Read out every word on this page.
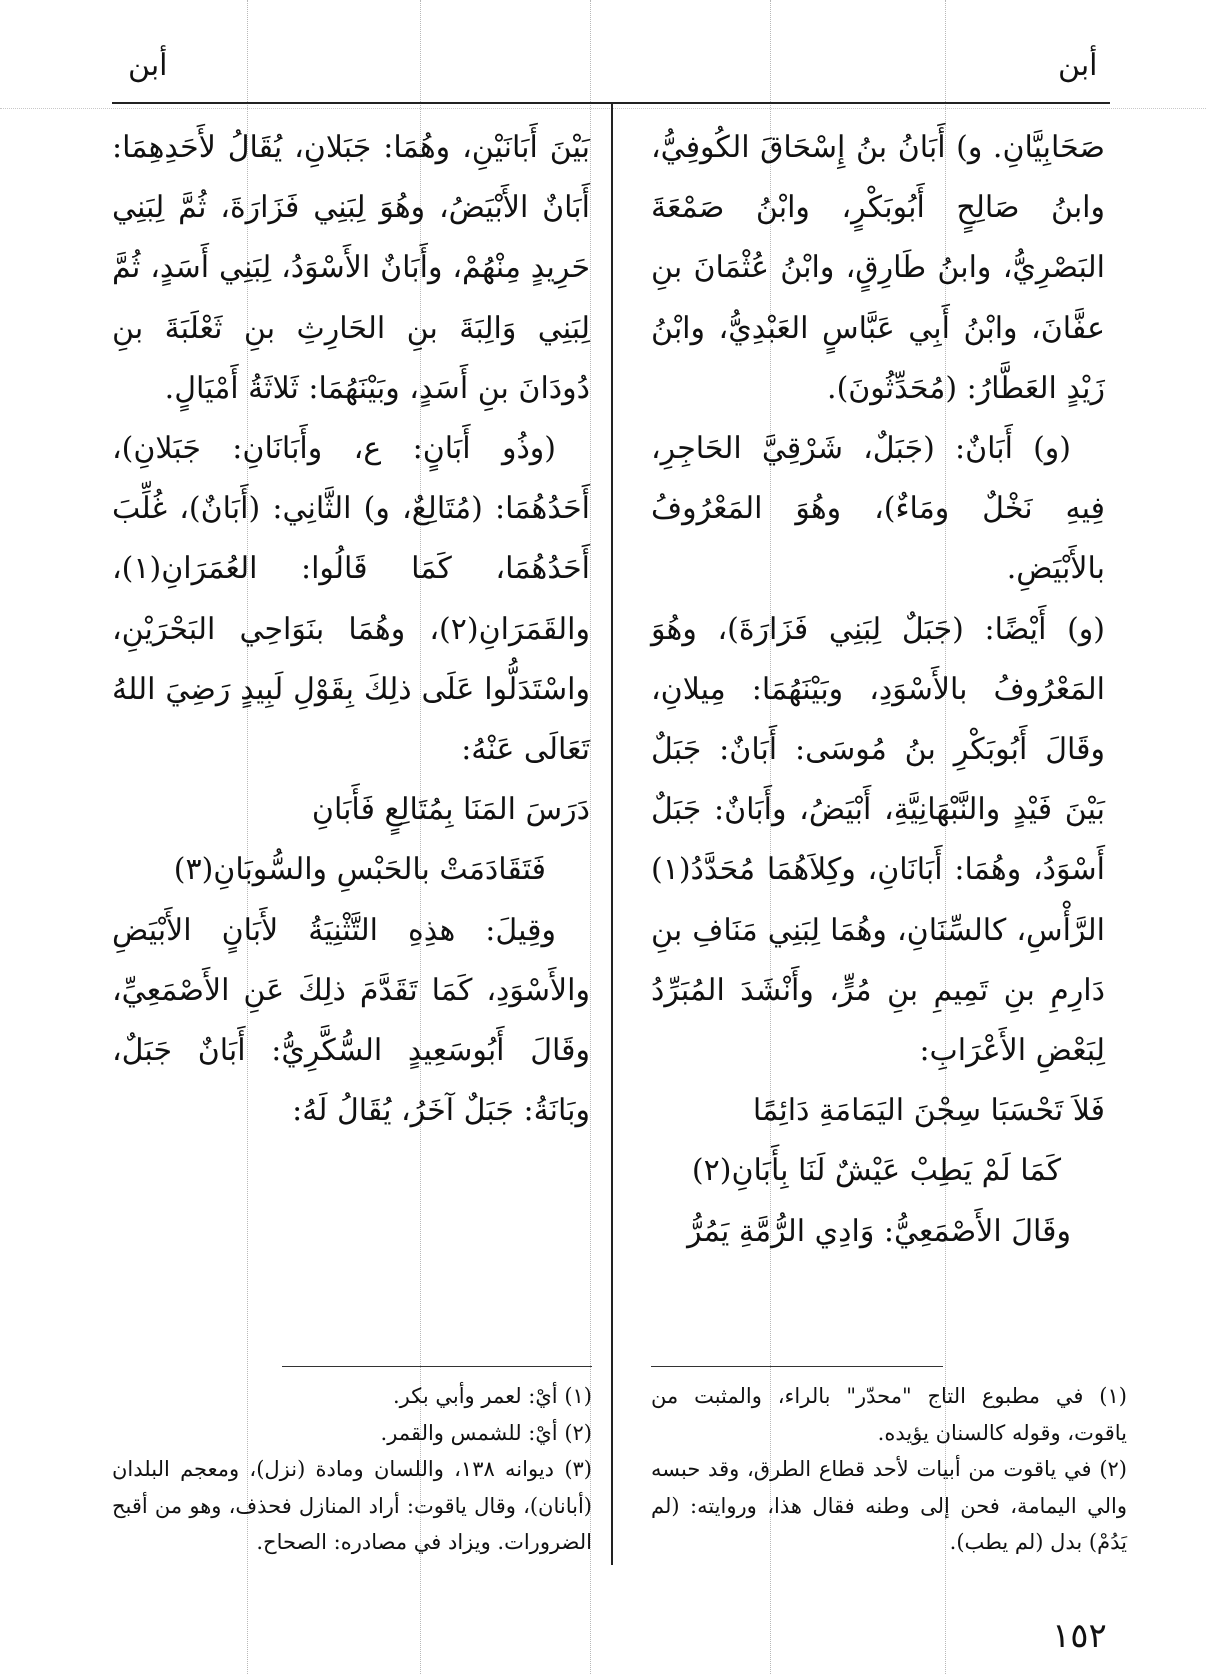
أبن
أبن

صَحَابِيَّانِ. و) أَبَانُ بنُ إِسْحَاقَ الكُوفِيُّ، وابنُ صَالِحٍ أَبُوبَكْرٍ، وابْنُ صَمْعَةَ البَصْرِيُّ، وابنُ طَارِقٍ، وابْنُ عُثْمَانَ بنِ عفَّانَ، وابْنُ أَبِي عَبَّاسٍ العَبْدِيُّ، وابْنُ زَيْدٍ العَطَّارُ: (مُحَدِّثُونَ).

(و) أَبَانٌ: (جَبَلٌ، شَرْقِيَّ الحَاجِرِ، فِيهِ نَخْلٌ ومَاءٌ)، وهُوَ المَعْرُوفُ بالأَبْيَضِ.

(و) أَيْضًا: (جَبَلٌ لِبَنِي فَزَارَةَ)، وهُوَ المَعْرُوفُ بالأَسْوَدِ، وبَيْنَهُمَا: مِيلانِ، وقَالَ أَبُوبَكْرِ بنُ مُوسَى: أَبَانٌ: جَبَلٌ بَيْنَ فَيْدٍ والنَّبْهَانِيَّةِ، أَبْيَضُ، وأَبَانٌ: جَبَلٌ أَسْوَدُ، وهُمَا: أَبَانَانِ، وكِلاَهُمَا مُحَدَّدُ(١) الرَّأْسِ، كالسِّنَانِ، وهُمَا لِبَنِي مَنَافِ بنِ دَارِمِ بنِ تَمِيمِ بنِ مُرٍّ، وأَنْشَدَ المُبَرِّدُ لِبَعْضِ الأَعْرَابِ:

فَلاَ تَحْسَبَا سِجْنَ اليَمَامَةِ دَائِمًا

كَمَا لَمْ يَطِبْ عَيْشٌ لَنَا بِأَبَانِ(٢)

وقَالَ الأَصْمَعِيُّ: وَادِي الرُّمَّةِ يَمُرُّ

بَيْنَ أَبَانَيْنِ، وهُمَا: جَبَلانِ، يُقَالُ لأَحَدِهِمَا: أَبَانٌ الأَبْيَضُ، وهُوَ لِبَنِي فَزَارَةَ، ثُمَّ لِبَنِي حَرِيدٍ مِنْهُمْ، وأَبَانٌ الأَسْوَدُ، لِبَنِي أَسَدٍ، ثُمَّ لِبَنِي وَالِبَةَ بنِ الحَارِثِ بنِ ثَعْلَبَةَ بنِ دُودَانَ بنِ أَسَدٍ، وبَيْنَهُمَا: ثَلاثَةُ أَمْيَالٍ.

(وذُو أَبَانٍ: ع، وأَبَانَانِ: جَبَلانِ)، أَحَدُهُمَا: (مُتَالِعٌ، و) الثَّانِي: (أَبَانٌ)، غُلِّبَ أَحَدُهُمَا، كَمَا قَالُوا: العُمَرَانِ(١)، والقَمَرَانِ(٢)، وهُمَا بنَوَاحِي البَحْرَيْنِ، واسْتَدَلُّوا عَلَى ذلِكَ بِقَوْلِ لَبِيدٍ رَضِيَ اللهُ تَعَالَى عَنْهُ:

دَرَسَ المَنَا بِمُتَالِعٍ فَأَبَانِ

فَتَقَادَمَتْ بالحَبْسِ والسُّوبَانِ(٣)

وقِيلَ: هذِهِ التَّثْنِيَةُ لأَبَانٍ الأَبْيَضِ والأَسْوَدِ، كَمَا تَقَدَّمَ ذلِكَ عَنِ الأَصْمَعِيِّ، وقَالَ أَبُوسَعِيدٍ السُّكَّرِيُّ: أَبَانٌ جَبَلٌ، وبَانَةُ: جَبَلٌ آخَرُ، يُقَالُ لَهُ:

(١) أيْ: لعمر وأبي بكر.

(٢) أيْ: للشمس والقمر.

(٣) ديوانه ١٣٨، واللسان ومادة (نزل)، ومعجم البلدان (أبانان)، وقال ياقوت: أراد المنازل فحذف، وهو من أقبح الضرورات. ويزاد في مصادره: الصحاح.

(١) في مطبوع التاج "محدّر" بالراء، والمثبت من ياقوت، وقوله كالسنان يؤيده.

(٢) في ياقوت من أبيات لأحد قطاع الطرق، وقد حبسه والي اليمامة، فحن إلى وطنه فقال هذا، وروايته: (لم يَدُمْ) بدل (لم يطب).

١٥٢
